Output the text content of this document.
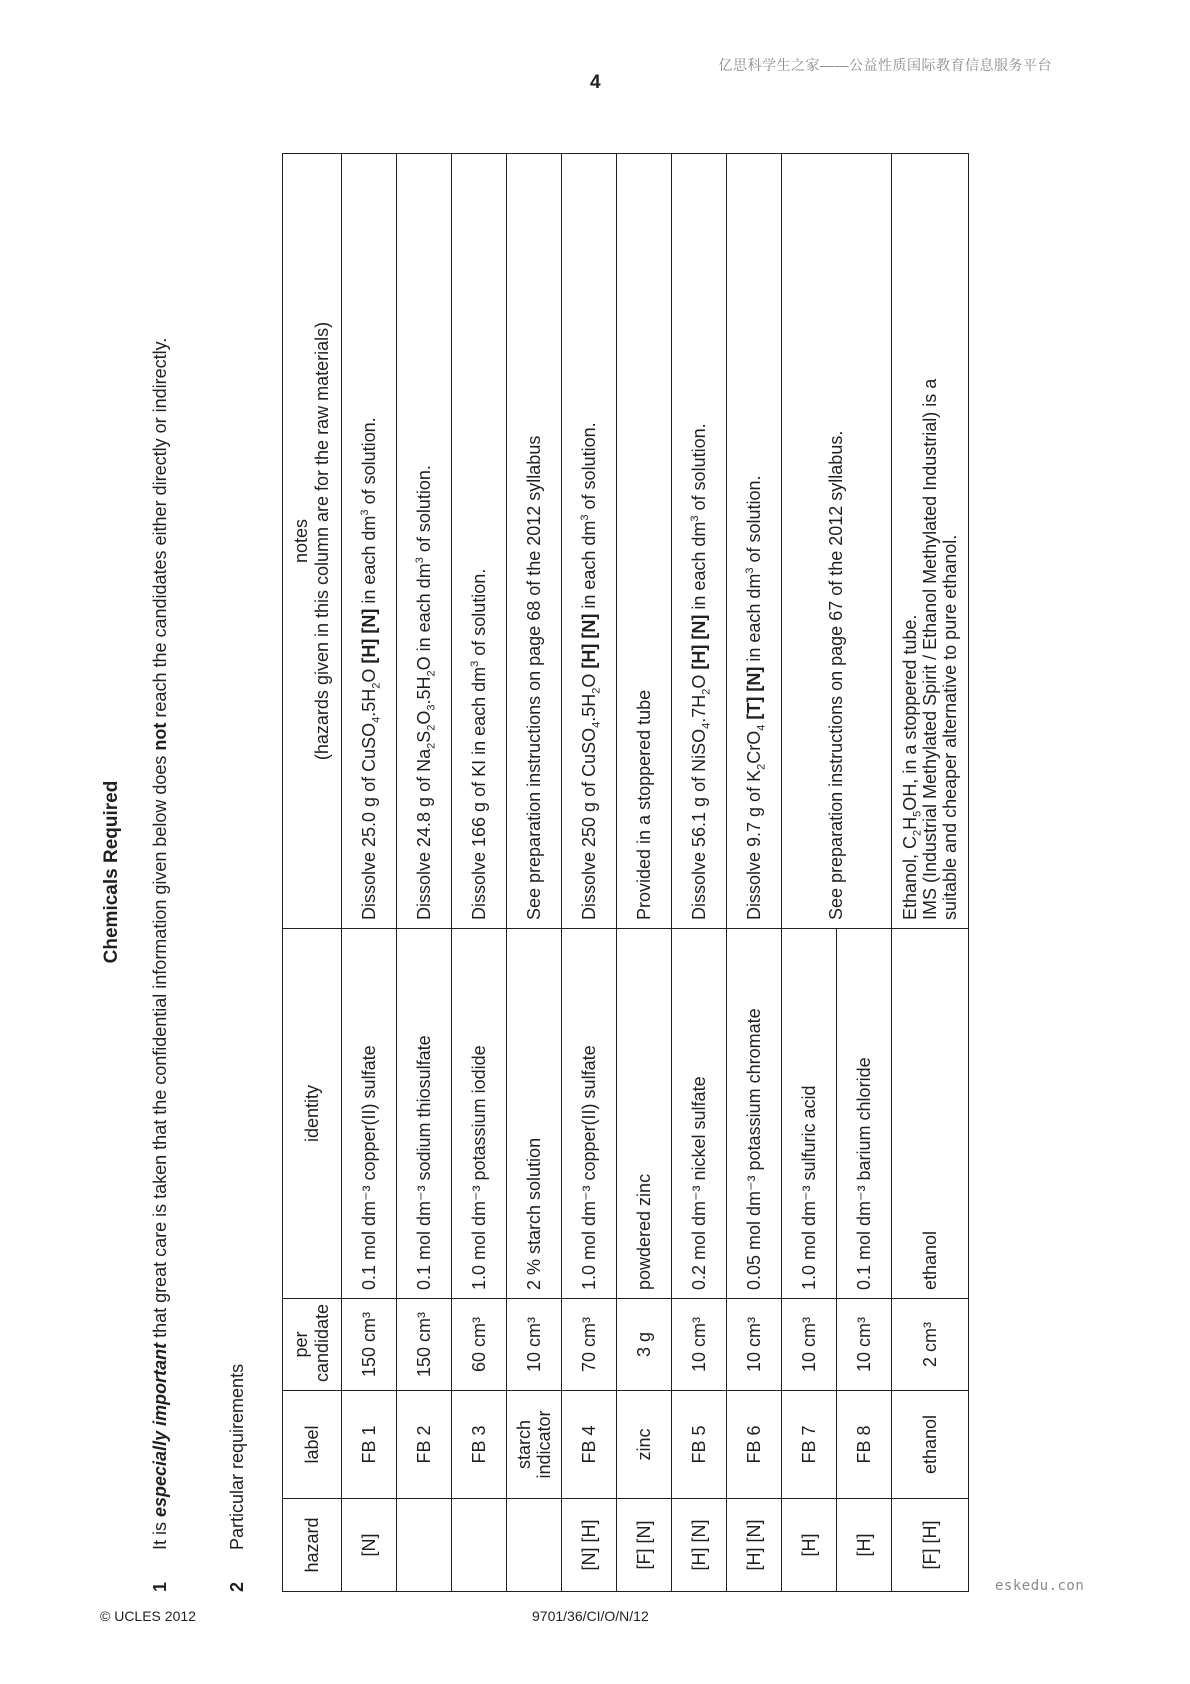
亿思科学生之家——公益性质国际教育信息服务平台
4
Chemicals Required
1
It is especially important that great care is taken that the confidential information given below does not reach the candidates either directly or indirectly.
2
Particular requirements	hazard	label	per
candidate	identity	notes
(hazards given in this column are for the raw materials)
[N]	FB 1	150 cm³	0.1 mol dm⁻³ copper(II) sulfate	Dissolve 25.0 g of $CuSO_4.5H_2O$ [H] [N] in each $dm^3$ of solution.
	FB 2	150 cm³	0.1 mol dm⁻³ sodium thiosulfate	Dissolve 24.8 g of $Na_2S_2O_3.5H_2O$ in each $dm^3$ of solution.
	FB 3	60 cm³	1.0 mol dm⁻³ potassium iodide	Dissolve 166 g of KI in each $dm^3$ of solution.
	starch indicator	10 cm³	2 % starch solution	See preparation instructions on page 68 of the 2012 syllabus
[N] [H]	FB 4	70 cm³	1.0 mol dm⁻³ copper(II) sulfate	Dissolve 250 g of $CuSO_4.5H_2O$ [H] [N] in each $dm^3$ of solution.
[F] [N]	zinc	3 g	powdered zinc	Provided in a stoppered tube
[H] [N]	FB 5	10 cm³	0.2 mol dm⁻³ nickel sulfate	Dissolve 56.1 g of $NiSO_4.7H_2O$ [H] [N] in each $dm^3$ of solution.
[H] [N]	FB 6	10 cm³	0.05 mol dm⁻³ potassium chromate	Dissolve 9.7 g of $K_2CrO_4$ [T] [N] in each $dm^3$ of solution.
[H]	FB 7	10 cm³	1.0 mol dm⁻³ sulfuric acid	See preparation instructions on page 67 of the 2012 syllabus.
[H]	FB 8	10 cm³	0.1 mol dm⁻³ barium chloride	
[F] [H]	ethanol	2 cm³	ethanol	Ethanol, $C_2H_5OH$, in a stoppered tube. IMS (Industrial Methylated Spirit / Ethanol Methylated Industrial) is a suitable and cheaper alternative to pure ethanol.
eskedu.con
© UCLES 2012	9701/36/CI/O/N/12
